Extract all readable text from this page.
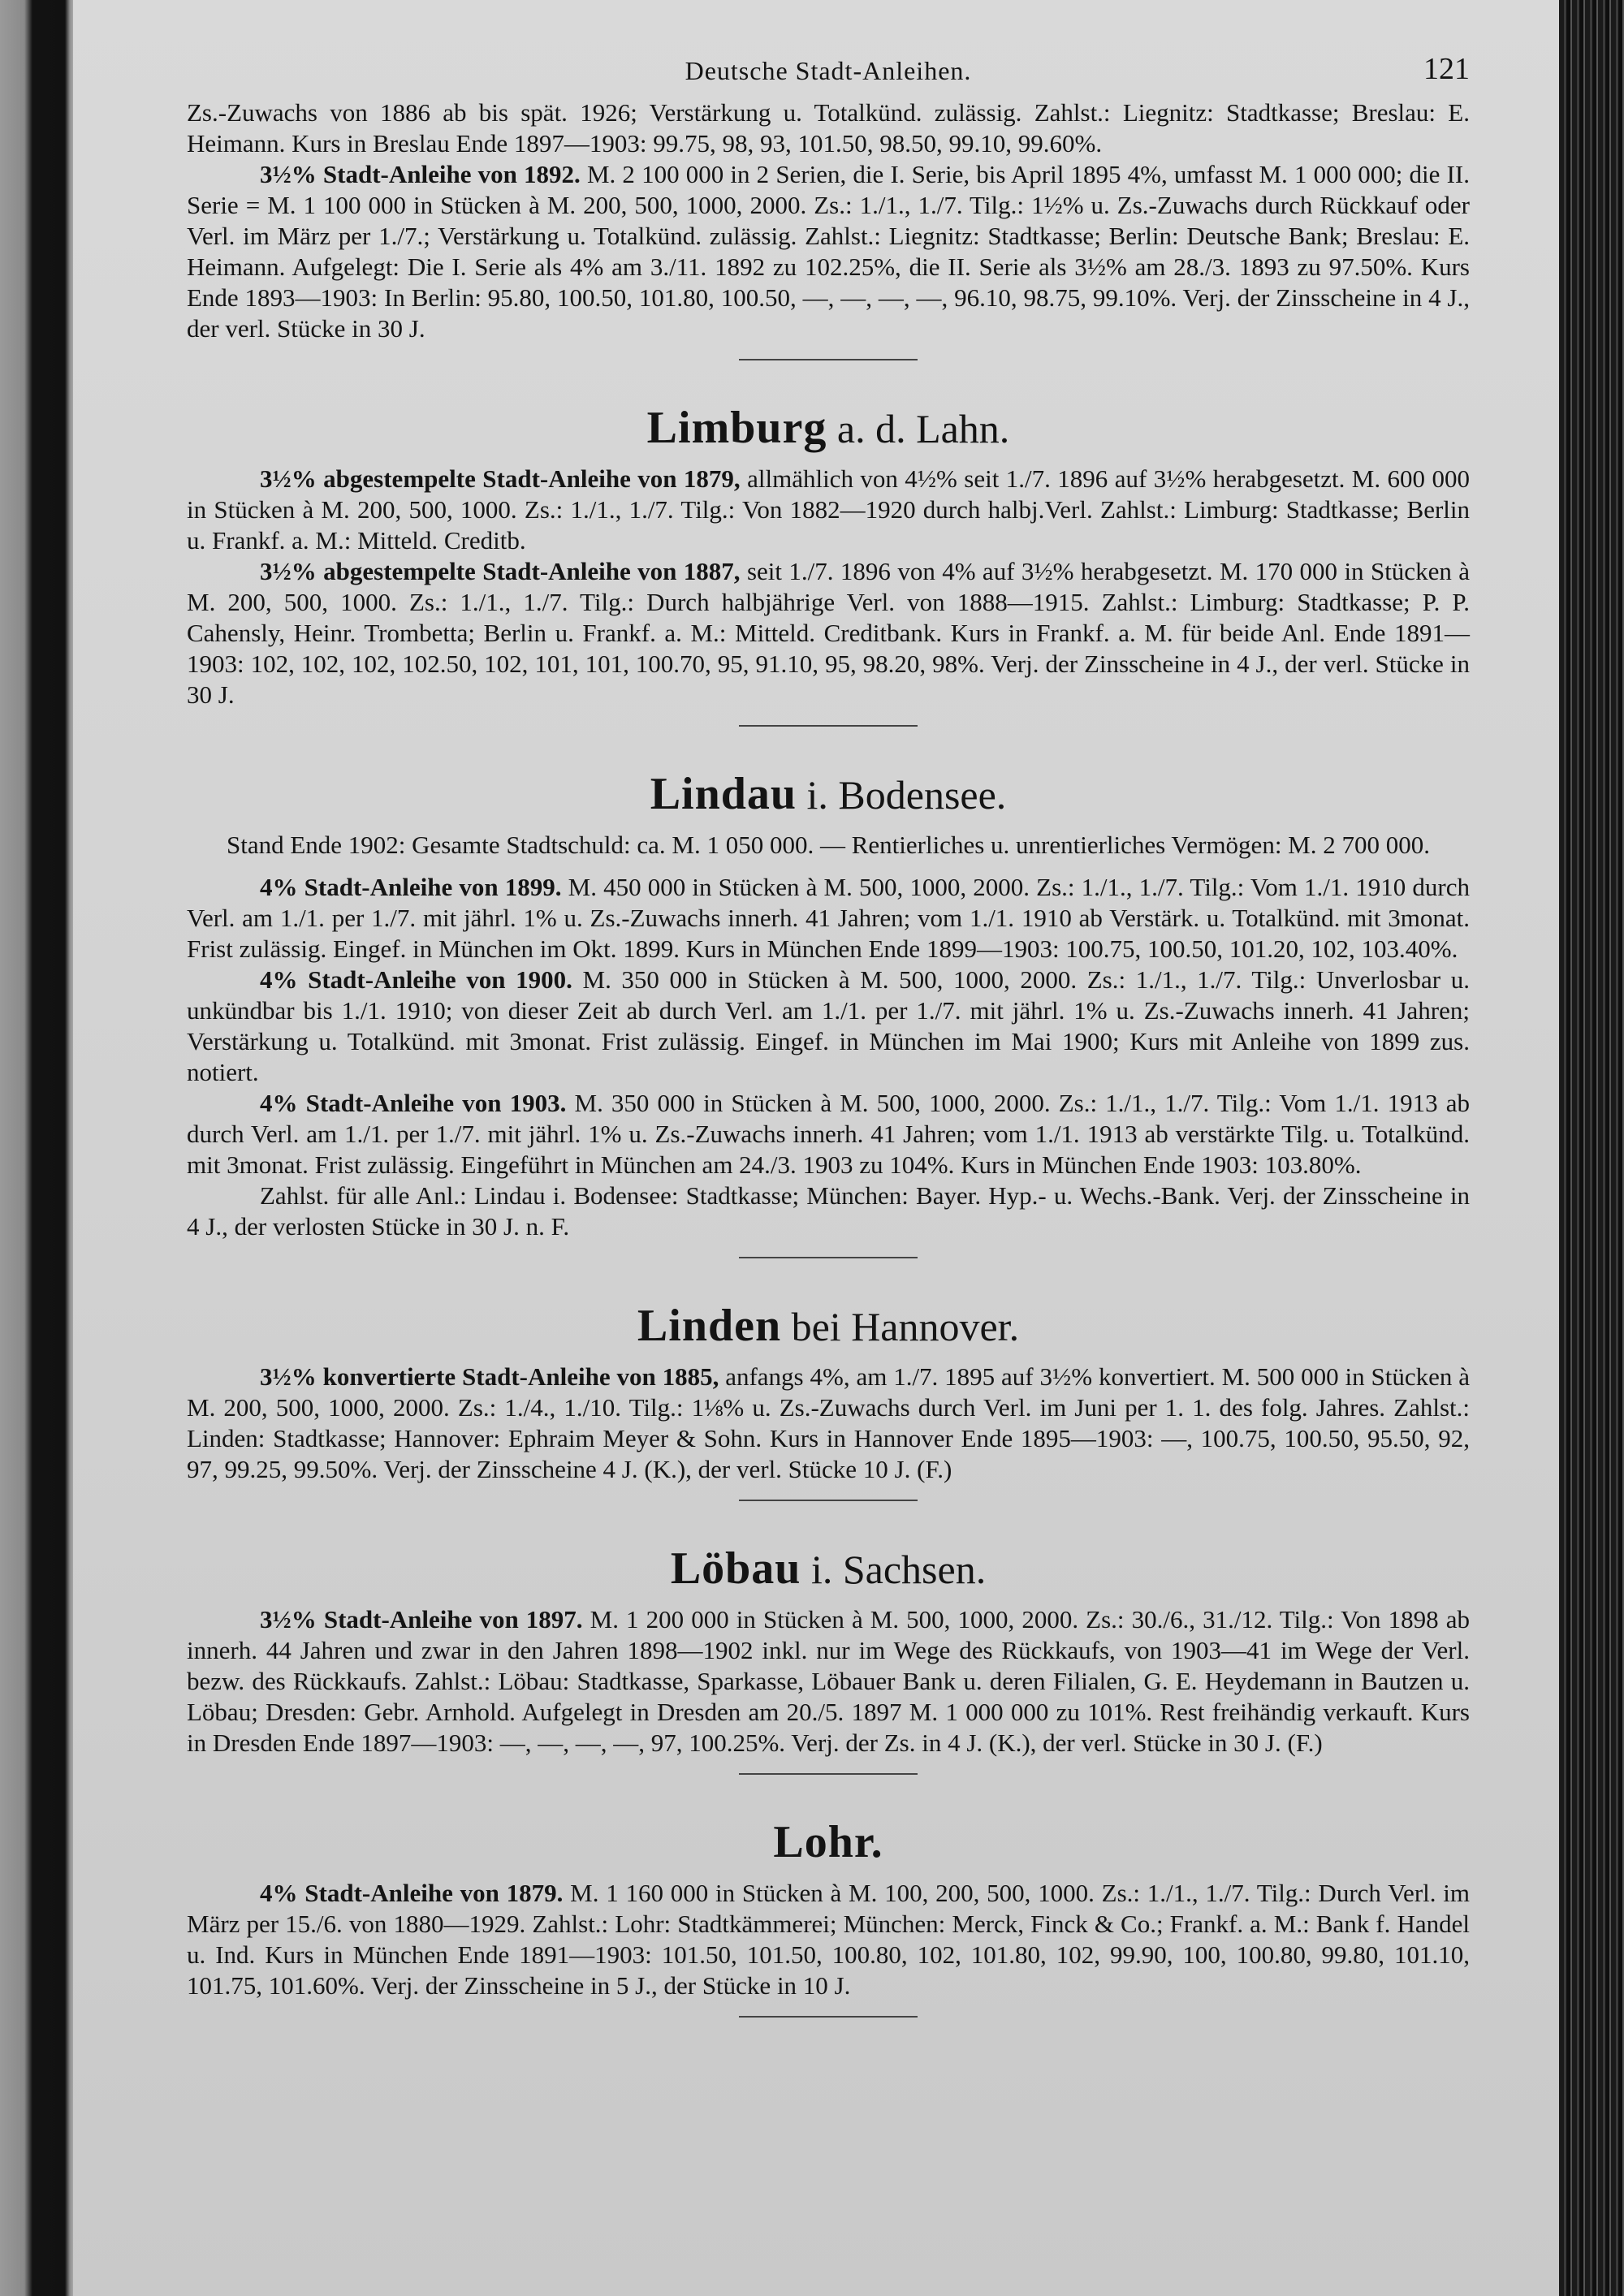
Deutsche Stadt-Anleihen.	121

Zs.-Zuwachs von 1886 ab bis spät. 1926; Verstärkung u. Totalkünd. zulässig. Zahlst.: Liegnitz: Stadtkasse; Breslau: E. Heimann. Kurs in Breslau Ende 1897—1903: 99.75, 98, 93, 101.50, 98.50, 99.10, 99.60%.

3½% Stadt-Anleihe von 1892. M. 2 100 000 in 2 Serien, die I. Serie, bis April 1895 4%, umfasst M. 1 000 000; die II. Serie = M. 1 100 000 in Stücken à M. 200, 500, 1000, 2000. Zs.: 1./1., 1./7. Tilg.: 1½% u. Zs.-Zuwachs durch Rückkauf oder Verl. im März per 1./7.; Verstärkung u. Totalkünd. zulässig. Zahlst.: Liegnitz: Stadtkasse; Berlin: Deutsche Bank; Breslau: E. Heimann. Aufgelegt: Die I. Serie als 4% am 3./11. 1892 zu 102.25%, die II. Serie als 3½% am 28./3. 1893 zu 97.50%. Kurs Ende 1893—1903: In Berlin: 95.80, 100.50, 101.80, 100.50, —, —, —, —, 96.10, 98.75, 99.10%. Verj. der Zinsscheine in 4 J., der verl. Stücke in 30 J.

Limburg a. d. Lahn.

3½% abgestempelte Stadt-Anleihe von 1879, allmählich von 4½% seit 1./7. 1896 auf 3½% herabgesetzt. M. 600 000 in Stücken à M. 200, 500, 1000. Zs.: 1./1., 1./7. Tilg.: Von 1882—1920 durch halbj.Verl. Zahlst.: Limburg: Stadtkasse; Berlin u. Frankf. a. M.: Mitteld. Creditb.

3½% abgestempelte Stadt-Anleihe von 1887, seit 1./7. 1896 von 4% auf 3½% herabgesetzt. M. 170 000 in Stücken à M. 200, 500, 1000. Zs.: 1./1., 1./7. Tilg.: Durch halbjährige Verl. von 1888—1915. Zahlst.: Limburg: Stadtkasse; P. P. Cahensly, Heinr. Trombetta; Berlin u. Frankf. a. M.: Mitteld. Creditbank. Kurs in Frankf. a. M. für beide Anl. Ende 1891—1903: 102, 102, 102, 102.50, 102, 101, 101, 100.70, 95, 91.10, 95, 98.20, 98%. Verj. der Zinsscheine in 4 J., der verl. Stücke in 30 J.

Lindau i. Bodensee.

Stand Ende 1902: Gesamte Stadtschuld: ca. M. 1 050 000. — Rentierliches u. unrentierliches Vermögen: M. 2 700 000.

4% Stadt-Anleihe von 1899. M. 450 000 in Stücken à M. 500, 1000, 2000. Zs.: 1./1., 1./7. Tilg.: Vom 1./1. 1910 durch Verl. am 1./1. per 1./7. mit jährl. 1% u. Zs.-Zuwachs innerh. 41 Jahren; vom 1./1. 1910 ab Verstärk. u. Totalkünd. mit 3monat. Frist zulässig. Eingef. in München im Okt. 1899. Kurs in München Ende 1899—1903: 100.75, 100.50, 101.20, 102, 103.40%.

4% Stadt-Anleihe von 1900. M. 350 000 in Stücken à M. 500, 1000, 2000. Zs.: 1./1., 1./7. Tilg.: Unverlosbar u. unkündbar bis 1./1. 1910; von dieser Zeit ab durch Verl. am 1./1. per 1./7. mit jährl. 1% u. Zs.-Zuwachs innerh. 41 Jahren; Verstärkung u. Totalkünd. mit 3monat. Frist zulässig. Eingef. in München im Mai 1900; Kurs mit Anleihe von 1899 zus. notiert.

4% Stadt-Anleihe von 1903. M. 350 000 in Stücken à M. 500, 1000, 2000. Zs.: 1./1., 1./7. Tilg.: Vom 1./1. 1913 ab durch Verl. am 1./1. per 1./7. mit jährl. 1% u. Zs.-Zuwachs innerh. 41 Jahren; vom 1./1. 1913 ab verstärkte Tilg. u. Totalkünd. mit 3monat. Frist zulässig. Eingeführt in München am 24./3. 1903 zu 104%. Kurs in München Ende 1903: 103.80%.

Zahlst. für alle Anl.: Lindau i. Bodensee: Stadtkasse; München: Bayer. Hyp.- u. Wechs.-Bank. Verj. der Zinsscheine in 4 J., der verlosten Stücke in 30 J. n. F.

Linden bei Hannover.

3½% konvertierte Stadt-Anleihe von 1885, anfangs 4%, am 1./7. 1895 auf 3½% konvertiert. M. 500 000 in Stücken à M. 200, 500, 1000, 2000. Zs.: 1./4., 1./10. Tilg.: 1⅛% u. Zs.-Zuwachs durch Verl. im Juni per 1. 1. des folg. Jahres. Zahlst.: Linden: Stadtkasse; Hannover: Ephraim Meyer & Sohn. Kurs in Hannover Ende 1895—1903: —, 100.75, 100.50, 95.50, 92, 97, 99.25, 99.50%. Verj. der Zinsscheine 4 J. (K.), der verl. Stücke 10 J. (F.)

Löbau i. Sachsen.

3½% Stadt-Anleihe von 1897. M. 1 200 000 in Stücken à M. 500, 1000, 2000. Zs.: 30./6., 31./12. Tilg.: Von 1898 ab innerh. 44 Jahren und zwar in den Jahren 1898—1902 inkl. nur im Wege des Rückkaufs, von 1903—41 im Wege der Verl. bezw. des Rückkaufs. Zahlst.: Löbau: Stadtkasse, Sparkasse, Löbauer Bank u. deren Filialen, G. E. Heydemann in Bautzen u. Löbau; Dresden: Gebr. Arnhold. Aufgelegt in Dresden am 20./5. 1897 M. 1 000 000 zu 101%. Rest freihändig verkauft. Kurs in Dresden Ende 1897—1903: —, —, —, —, 97, 100.25%. Verj. der Zs. in 4 J. (K.), der verl. Stücke in 30 J. (F.)

Lohr.

4% Stadt-Anleihe von 1879. M. 1 160 000 in Stücken à M. 100, 200, 500, 1000. Zs.: 1./1., 1./7. Tilg.: Durch Verl. im März per 15./6. von 1880—1929. Zahlst.: Lohr: Stadtkämmerei; München: Merck, Finck & Co.; Frankf. a. M.: Bank f. Handel u. Ind. Kurs in München Ende 1891—1903: 101.50, 101.50, 100.80, 102, 101.80, 102, 99.90, 100, 100.80, 99.80, 101.10, 101.75, 101.60%. Verj. der Zinsscheine in 5 J., der Stücke in 10 J.
